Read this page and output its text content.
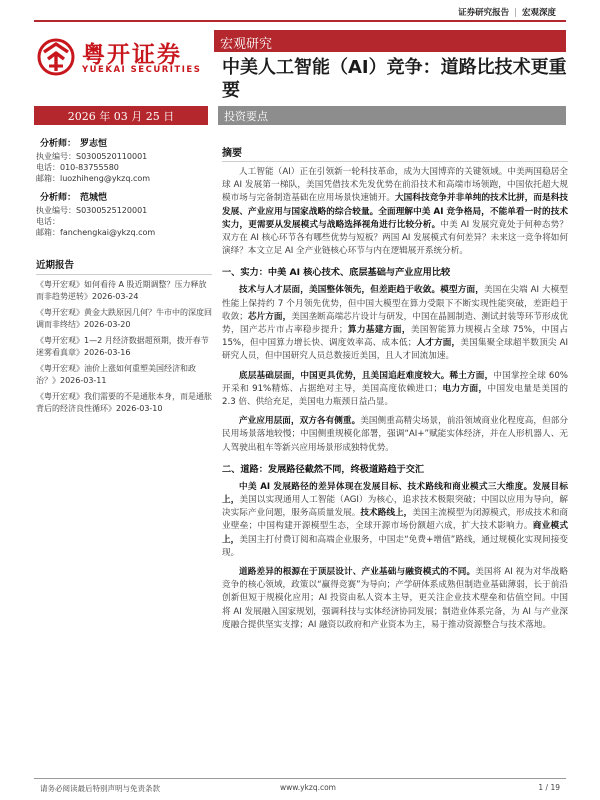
证券研究报告 | 宏观深度
粤开证券
YUEKAI SECURITIES
宏观研究
中美人工智能（AI）竞争：道路比技术更重要
2026 年 03 月 25 日	投资要点
分析师： 罗志恒
执业编号：S0300520110001
电话：010-83755580
邮箱：luozhiheng@ykzq.com
分析师： 范城恺
执业编号：S0300525120001
电话：
邮箱：fanchengkai@ykzq.com
近期报告
《粤开宏观》如何看待 A 股近期调整？压力释放而非趋势逆转》2026-03-24
《粤开宏观》黄金大跌原因几何？牛市中的深度回调而非终结》2026-03-20
《粤开宏观》1—2 月经济数据超预期，拨开春节迷雾看真章》2026-03-16
《粤开宏观》油价上涨如何重塑美国经济和政治？》2026-03-11
《粤开宏观》我们需要的不是通胀本身，而是通胀背后的经济良性循环》2026-03-10
摘要

人工智能（AI）正在引领新一轮科技革命，成为大国博弈的关键领域。中美两国稳居全球 AI 发展第一梯队，美国凭借技术先发优势在前沿技术和高端市场领跑，中国依托超大规模市场与完备制造基础在应用场景快速铺开。大国科技竞争并非单纯的技术比拼，而是科技发展、产业应用与国家战略的综合较量。全面理解中美 AI 竞争格局，不能单看一时的技术实力，更需要从发展模式与战略选择视角进行比较分析。中美 AI 发展究竟处于何种态势？双方在 AI 核心环节各有哪些优势与短板？两国 AI 发展模式有何差异？未来这一竞争将如何演绎？本文立足 AI 全产业链核心环节与内在逻辑展开系统分析。

一、实力：中美 AI 核心技术、底层基础与产业应用比较

技术与人才层面，美国整体领先，但差距趋于收敛。模型方面，美国在尖端 AI 大模型性能上保持约 7 个月领先优势，但中国大模型在算力受限下不断实现性能突破，差距趋于收敛；芯片方面，美国垄断高端芯片设计与研发，中国在晶圆制造、测试封装等环节形成优势，国产芯片市占率稳步提升；算力基建方面，美国智能算力规模占全球 75%，中国占 15%，但中国算力增长快、调度效率高、成本低；人才方面，美国集聚全球超半数顶尖 AI 研究人员，但中国研究人员总数接近美国，且人才回流加速。

底层基础层面，中国更具优势，且美国追赶难度较大。稀土方面，中国掌控全球 60%开采和 91%精炼、占据绝对主导，美国高度依赖进口；电力方面，中国发电量是美国的 2.3 倍、供给充足，美国电力瓶颈日益凸显。

产业应用层面，双方各有侧重。美国侧重高精尖场景，前沿领域商业化程度高，但部分民用场景落地较慢；中国侧重规模化部署，强调“AI+”赋能实体经济，并在人形机器人、无人驾驶出租车等新兴应用场景形成独特优势。

二、道路：发展路径截然不同，终极道路趋于交汇

中美 AI 发展路径的差异体现在发展目标、技术路线和商业模式三大维度。发展目标上，美国以实现通用人工智能（AGI）为核心，追求技术极限突破；中国以应用为导向，解决实际产业问题，服务高质量发展。技术路线上，美国主流模型为闭源模式，形成技术和商业壁垒；中国构建开源模型生态，全球开源市场份额超六成，扩大技术影响力。商业模式上，美国主打付费订阅和高端企业服务，中国走“免费+增值”路线，通过规模化实现间接变现。

道路差异的根源在于顶层设计、产业基础与融资模式的不同。美国将 AI 视为对华战略竞争的核心领域，政策以“赢得竞赛”为导向；产学研体系成熟但制造业基础薄弱，长于前沿创新但短于规模化应用；AI 投资由私人资本主导，更关注企业技术壁垒和估值空间。中国将 AI 发展融入国家规划，强调科技与实体经济协同发展；制造业体系完备，为 AI 与产业深度融合提供坚实支撑；AI 融资以政府和产业资本为主，易于推动资源整合与技术落地。

请务必阅读最后特别声明与免责条款	www.ykzq.com	1 / 19
